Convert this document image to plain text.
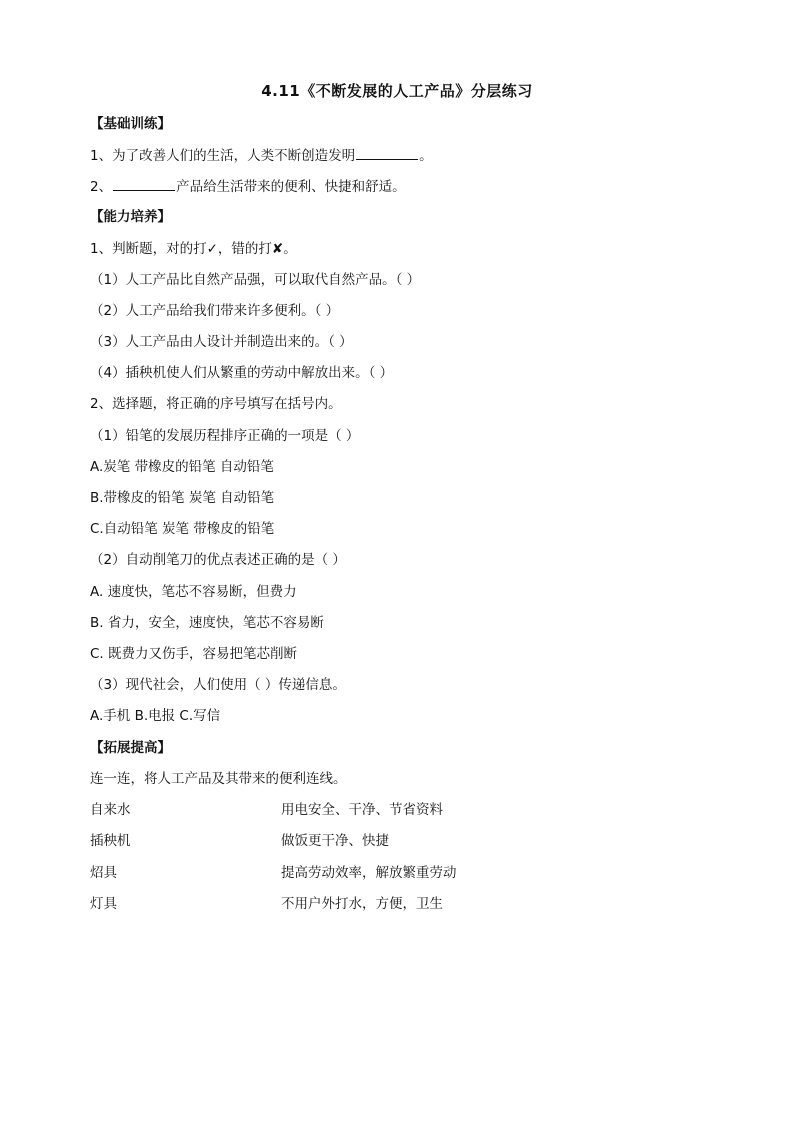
4.11《不断发展的人工产品》分层练习
【基础训练】
1、为了改善人们的生活，人类不断创造发明	。
2、	产品给生活带来的便利、快捷和舒适。
【能力培养】
1、判断题，对的打✓，错的打✘。
（1）人工产品比自然产品强，可以取代自然产品。（ ）
（2）人工产品给我们带来许多便利。（ ）
（3）人工产品由人设计并制造出来的。（ ）
（4）插秧机使人们从繁重的劳动中解放出来。（ ）
2、选择题，将正确的序号填写在括号内。
（1）铅笔的发展历程排序正确的一项是（ ）
A.炭笔 带橡皮的铅笔 自动铅笔
B.带橡皮的铅笔 炭笔 自动铅笔
C.自动铅笔 炭笔 带橡皮的铅笔
（2）自动削笔刀的优点表述正确的是（ ）
A. 速度快，笔芯不容易断，但费力
B. 省力，安全，速度快，笔芯不容易断
C. 既费力又伤手，容易把笔芯削断
（3）现代社会，人们使用（ ）传递信息。
A.手机 B.电报 C.写信
【拓展提高】
连一连，将人工产品及其带来的便利连线。
自来水	用电安全、干净、节省资料
插秧机	做饭更干净、快捷
炤具	提高劳动效率，解放繁重劳动
灯具	不用户外打水，方便，卫生
